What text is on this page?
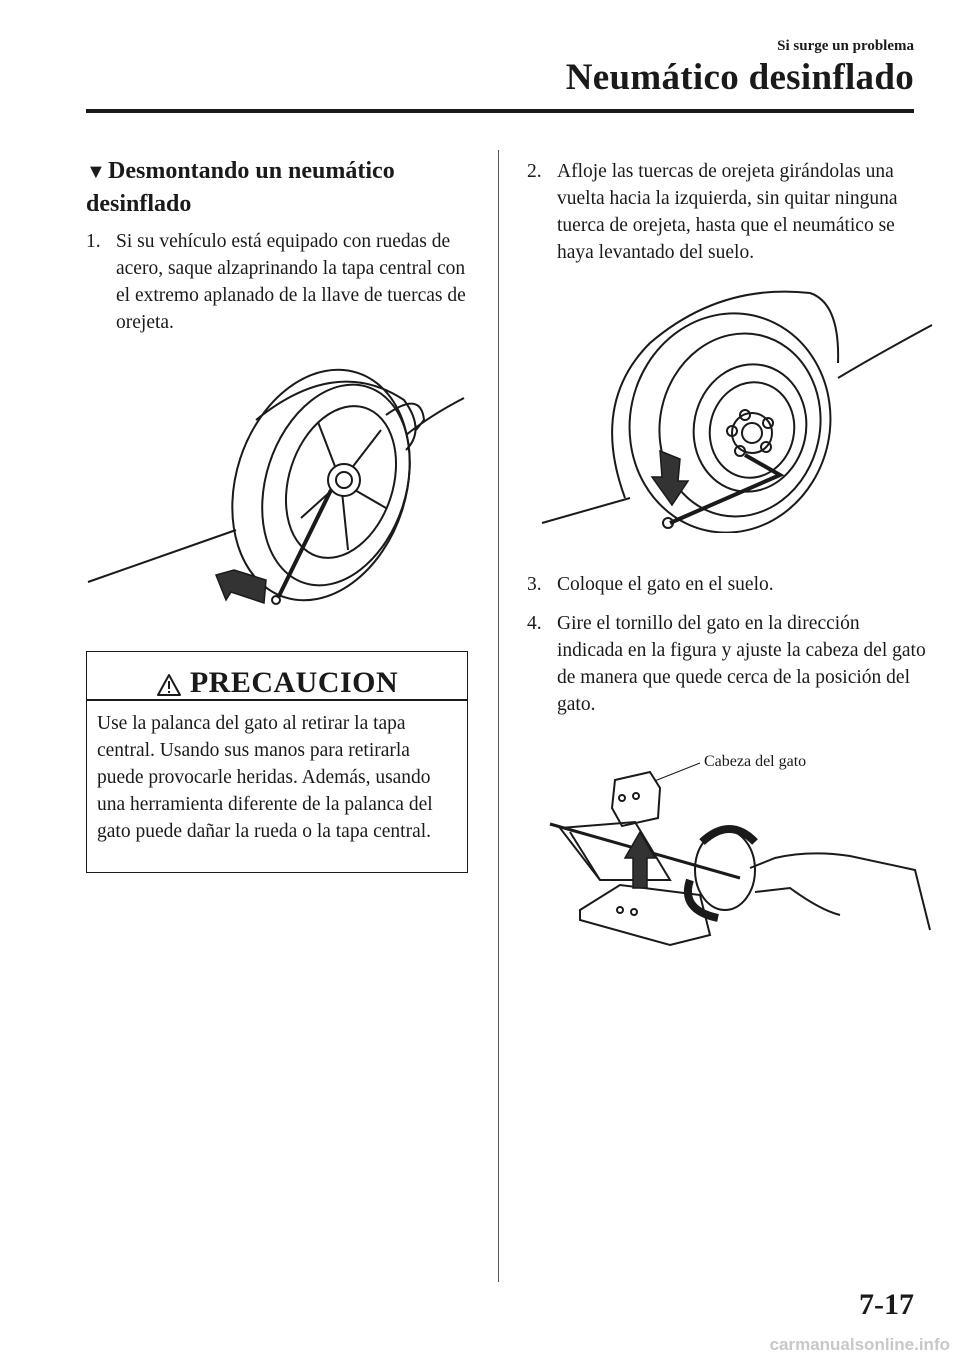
Si surge un problema
Neumático desinflado
▼Desmontando un neumático desinflado
1. Si su vehículo está equipado con ruedas de acero, saque alzaprinando la tapa central con el extremo aplanado de la llave de tuercas de orejeta.
PRECAUCION
Use la palanca del gato al retirar la tapa central. Usando sus manos para retirarla puede provocarle heridas. Además, usando una herramienta diferente de la palanca del gato puede dañar la rueda o la tapa central.
2. Afloje las tuercas de orejeta girándolas una vuelta hacia la izquierda, sin quitar ninguna tuerca de orejeta, hasta que el neumático se haya levantado del suelo.
3. Coloque el gato en el suelo.
4. Gire el tornillo del gato en la dirección indicada en la figura y ajuste la cabeza del gato de manera que quede cerca de la posición del gato.
Cabeza del gato
7-17
carmanualsonline.info
